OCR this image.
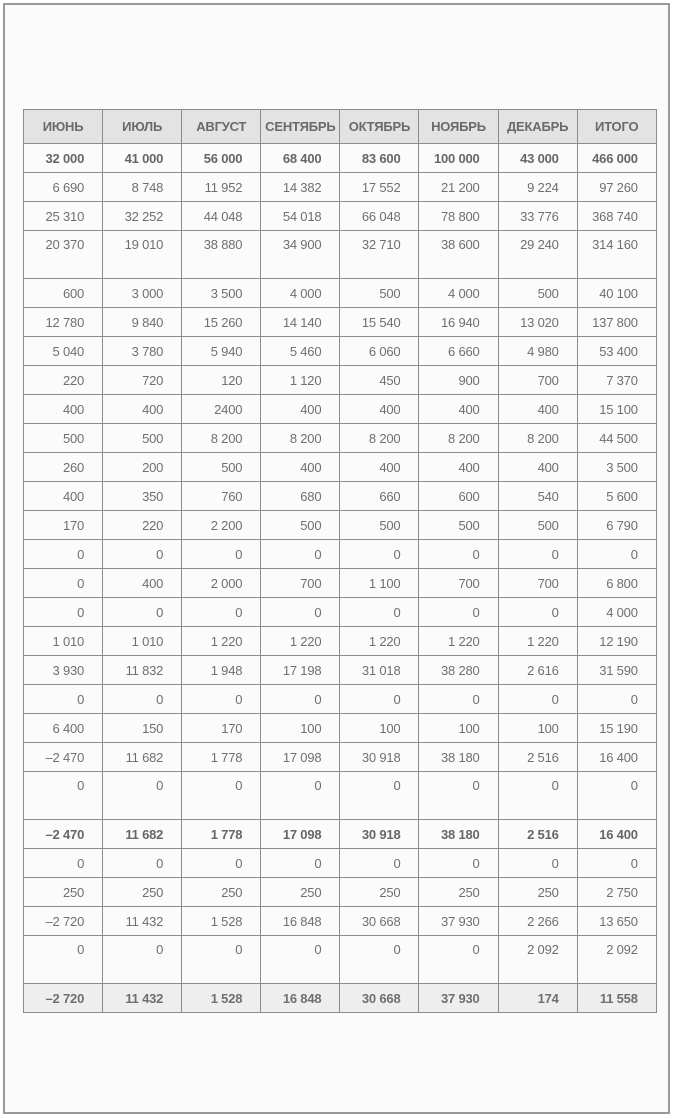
ИЮНЬ	ИЮЛЬ	АВГУСТ	СЕНТЯБРЬ	ОКТЯБРЬ	НОЯБРЬ	ДЕКАБРЬ	ИТОГО
32 000	41 000	56 000	68 400	83 600	100 000	43 000	466 000
6 690	8 748	11 952	14 382	17 552	21 200	9 224	97 260
25 310	32 252	44 048	54 018	66 048	78 800	33 776	368 740
20 370	19 010	38 880	34 900	32 710	38 600	29 240	314 160
600	3 000	3 500	4 000	500	4 000	500	40 100
12 780	9 840	15 260	14 140	15 540	16 940	13 020	137 800
5 040	3 780	5 940	5 460	6 060	6 660	4 980	53 400
220	720	120	1 120	450	900	700	7 370
400	400	2400	400	400	400	400	15 100
500	500	8 200	8 200	8 200	8 200	8 200	44 500
260	200	500	400	400	400	400	3 500
400	350	760	680	660	600	540	5 600
170	220	2 200	500	500	500	500	6 790
0	0	0	0	0	0	0	0
0	400	2 000	700	1 100	700	700	6 800
0	0	0	0	0	0	0	4 000
1 010	1 010	1 220	1 220	1 220	1 220	1 220	12 190
3 930	11 832	1 948	17 198	31 018	38 280	2 616	31 590
0	0	0	0	0	0	0	0
6 400	150	170	100	100	100	100	15 190
–2 470	11 682	1 778	17 098	30 918	38 180	2 516	16 400
0	0	0	0	0	0	0	0
–2 470	11 682	1 778	17 098	30 918	38 180	2 516	16 400
0	0	0	0	0	0	0	0
250	250	250	250	250	250	250	2 750
–2 720	11 432	1 528	16 848	30 668	37 930	2 266	13 650
0	0	0	0	0	0	2 092	2 092
–2 720	11 432	1 528	16 848	30 668	37 930	174	11 558
